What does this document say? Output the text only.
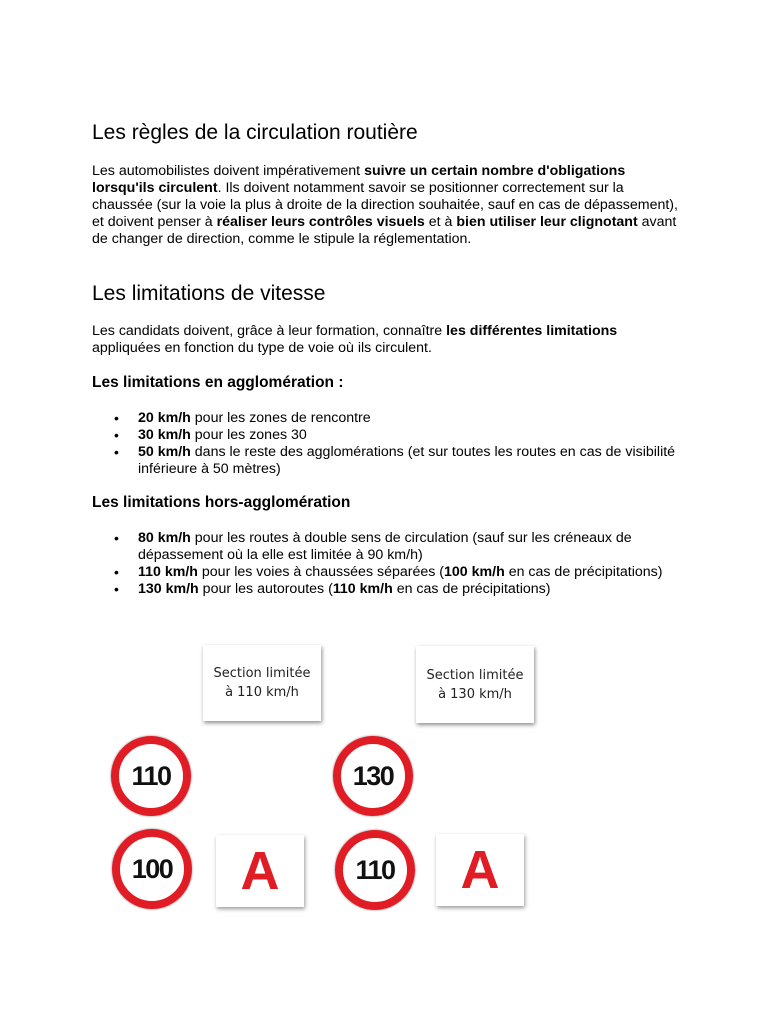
Les règles de la circulation routière

Les automobilistes doivent impérativement suivre un certain nombre d'obligations lorsqu'ils circulent. Ils doivent notamment savoir se positionner correctement sur la chaussée (sur la voie la plus à droite de la direction souhaitée, sauf en cas de dépassement), et doivent penser à réaliser leurs contrôles visuels et à bien utiliser leur clignotant avant de changer de direction, comme le stipule la réglementation.

Les limitations de vitesse

Les candidats doivent, grâce à leur formation, connaître les différentes limitations appliquées en fonction du type de voie où ils circulent.

Les limitations en agglomération :
• 20 km/h pour les zones de rencontre
• 30 km/h pour les zones 30
• 50 km/h dans le reste des agglomérations (et sur toutes les routes en cas de visibilité inférieure à 50 mètres)
Les limitations hors-agglomération
• 80 km/h pour les routes à double sens de circulation (sauf sur les créneaux de dépassement où la elle est limitée à 90 km/h)
• 110 km/h pour les voies à chaussées séparées (100 km/h en cas de précipitations)
• 130 km/h pour les autoroutes (110 km/h en cas de précipitations)
Section limitée
à 110 km/h
Section limitée
à 130 km/h
110	130
100	110
A	A
